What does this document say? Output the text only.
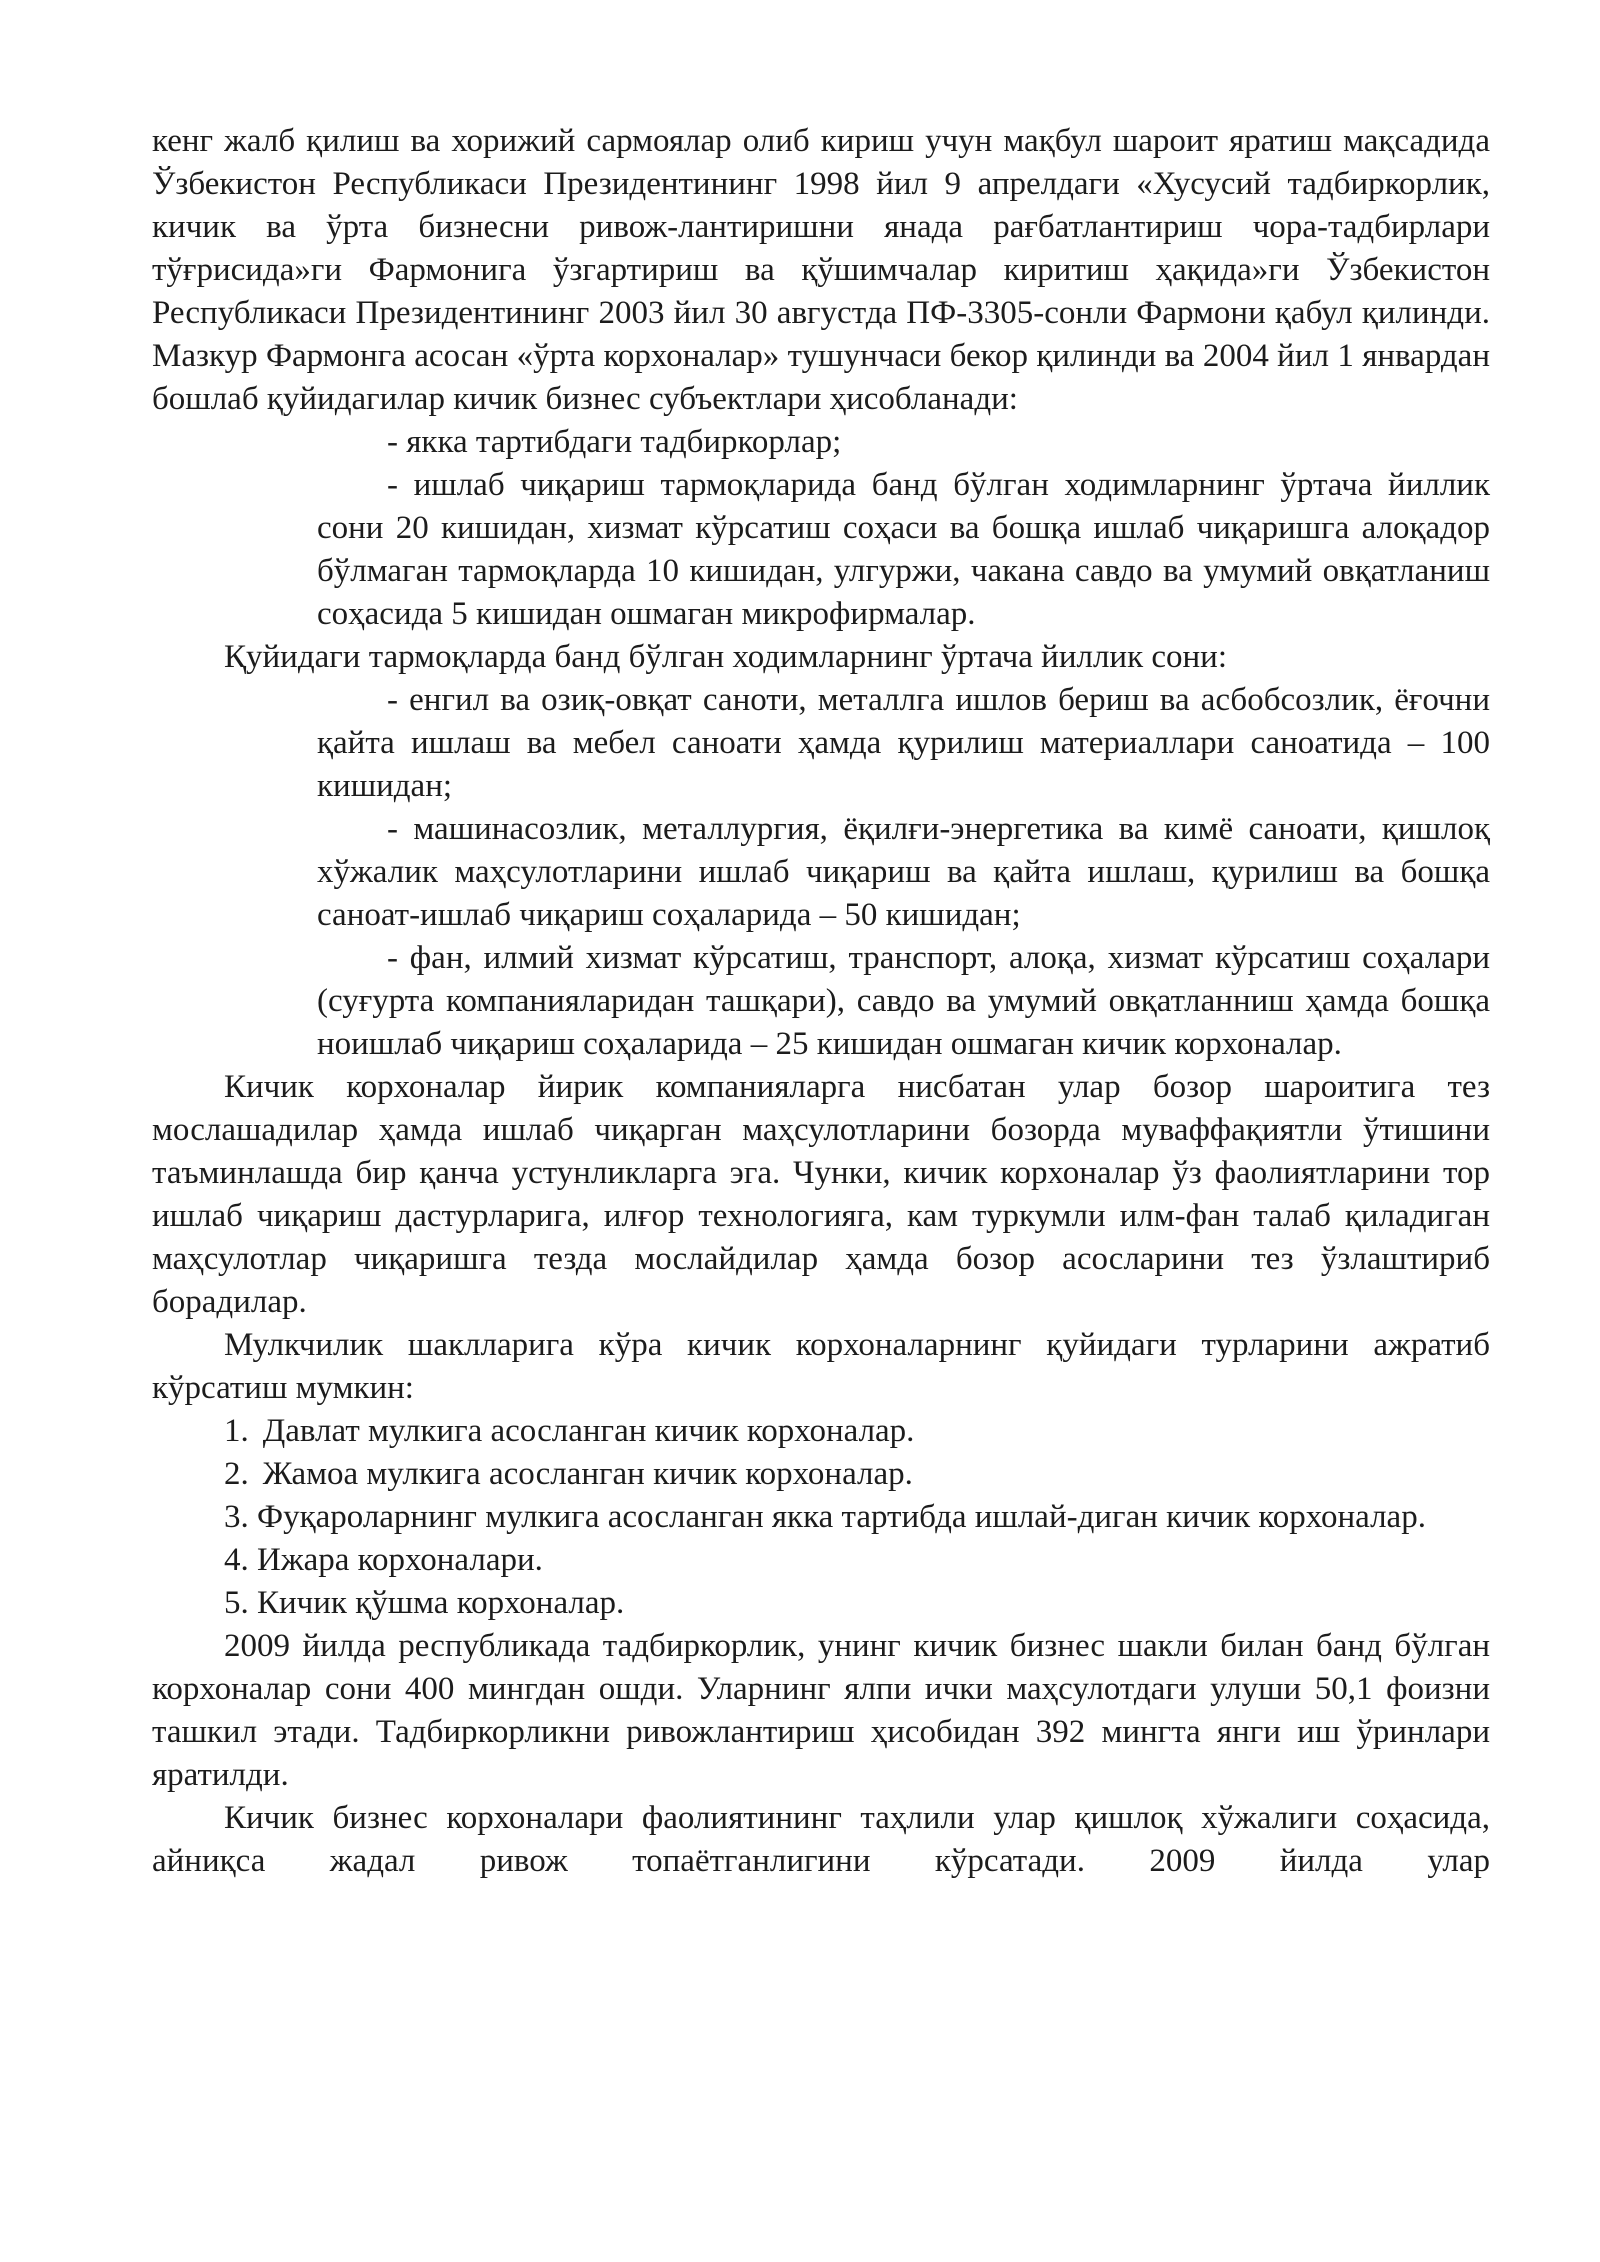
кенг жалб қилиш ва хорижий сармоялар олиб кириш учун мақбул шароит яратиш мақсадида Ўзбекистон Республикаси Президентининг 1998 йил 9 апрелдаги «Хусусий тадбиркорлик, кичик ва ўрта бизнесни ривож-лантиришни янада рағбатлантириш чора-тадбирлари тўғрисида»ги Фармонига ўзгартириш ва қўшимчалар киритиш ҳақида»ги Ўзбекистон Республикаси Президентининг 2003 йил 30 августда ПФ-3305-сонли Фармони қабул қилинди. Мазкур Фармонга асосан «ўрта корхоналар» тушунчаси бекор қилинди ва 2004 йил 1 январдан бошлаб қуйидагилар кичик бизнес субъектлари ҳисобланади:

- якка тартибдаги тадбиркорлар;

- ишлаб чиқариш тармоқларида банд бўлган ходимларнинг ўртача йиллик сони 20 кишидан, хизмат кўрсатиш соҳаси ва бошқа ишлаб чиқаришга алоқадор бўлмаган тармоқларда 10 кишидан, улгуржи, чакана савдо ва умумий овқатланиш соҳасида 5 кишидан ошмаган микрофирмалар.

Қуйидаги тармоқларда банд бўлган ходимларнинг ўртача йиллик сони:

- енгил ва озиқ-овқат саноти, металлга ишлов бериш ва асбобсозлик, ёғочни қайта ишлаш ва мебел саноати ҳамда қурилиш материаллари саноатида – 100 кишидан;

- машинасозлик, металлургия, ёқилғи-энергетика ва кимё саноати, қишлоқ хўжалик маҳсулотларини ишлаб чиқариш ва қайта ишлаш, қурилиш ва бошқа саноат-ишлаб чиқариш соҳаларида – 50 кишидан;

- фан, илмий хизмат кўрсатиш, транспорт, алоқа, хизмат кўрсатиш соҳалари (суғурта компанияларидан ташқари), савдо ва умумий овқатланниш ҳамда бошқа ноишлаб чиқариш соҳаларида – 25 кишидан ошмаган кичик корхоналар.

Кичик корхоналар йирик компанияларга нисбатан улар бозор шароитига тез мослашадилар ҳамда ишлаб чиқарган маҳсулотларини бозорда муваффақиятли ўтишини таъминлашда бир қанча устунликларга эга. Чунки, кичик корхоналар ўз фаолиятларини тор ишлаб чиқариш дастурларига, илғор технологияга, кам туркумли илм-фан талаб қиладиган маҳсулотлар чиқаришга тезда мослайдилар ҳамда бозор асосларини тез ўзлаштириб борадилар.

Мулкчилик шаклларига кўра кичик корхоналарнинг қуйидаги турларини ажратиб кўрсатиш мумкин:

1. Давлат мулкига асосланган кичик корхоналар.

2. Жамоа мулкига асосланган кичик корхоналар.

3. Фуқароларнинг мулкига асосланган якка тартибда ишлай-диган кичик корхоналар.

4. Ижара корхоналари.

5. Кичик қўшма корхоналар.

2009 йилда республикада тадбиркорлик, унинг кичик бизнес шакли билан банд бўлган корхоналар сони 400 мингдан ошди. Уларнинг ялпи ички маҳсулотдаги улуши 50,1 фоизни ташкил этади. Тадбиркорликни ривожлантириш ҳисобидан 392 мингта янги иш ўринлари яратилди.

Кичик бизнес корхоналари фаолиятининг таҳлили улар қишлоқ хўжалиги соҳасида, айниқса жадал ривож топаётганлигини кўрсатади. 2009 йилда улар
